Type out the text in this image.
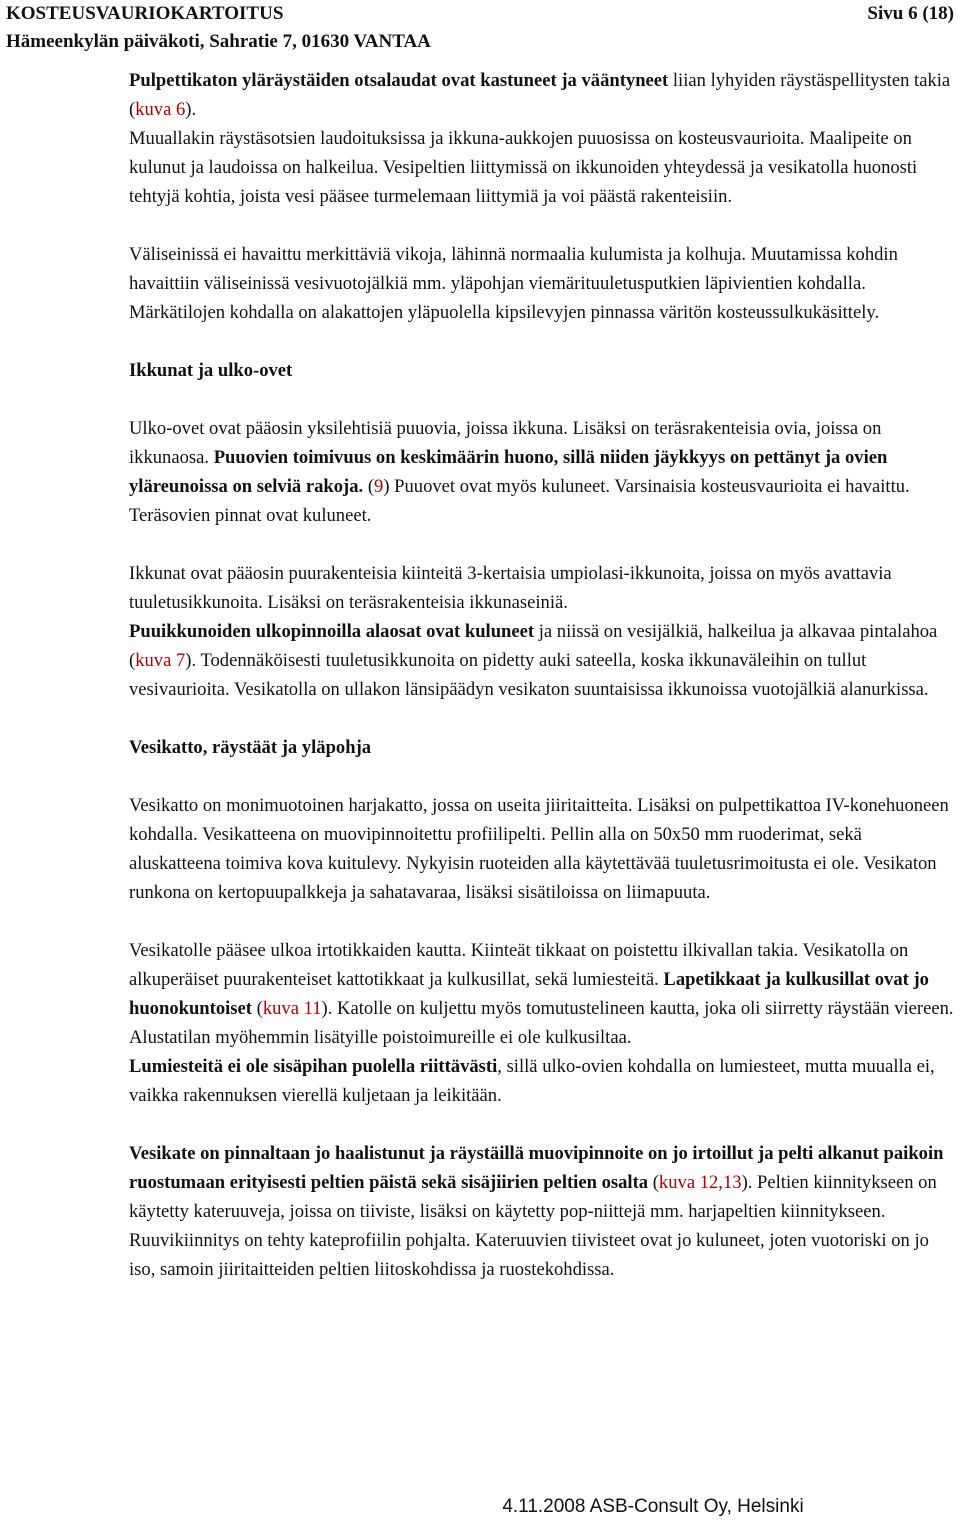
KOSTEUSVAURIOKARTOITUS	Sivu 6 (18)
Hämeenkylän päiväkoti, Sahratie 7, 01630 VANTAA

Pulpettikaton yläräystäiden otsalaudat ovat kastuneet ja vääntyneet liian lyhyiden räystäspellitysten takia (kuva 6).
Muuallakin räystäsotsien laudoituksissa ja ikkuna-aukkojen puuosissa on kosteusvaurioita. Maalipeite on kulunut ja laudoissa on halkeilua. Vesipeltien liittymissä on ikkunoiden yhteydessä ja vesikatolla huonosti tehtyjä kohtia, joista vesi pääsee turmelemaan liittymiä ja voi päästä rakenteisiin.

Väliseinissä ei havaittu merkittäviä vikoja, lähinnä normaalia kulumista ja kolhuja. Muutamissa kohdin havaittiin väliseinissä vesivuotojälkiä mm. yläpohjan viemärituuletusputkien läpivientien kohdalla. Märkätilojen kohdalla on alakattojen yläpuolella kipsilevyjen pinnassa väritön kosteussulkukäsittely.

Ikkunat ja ulko-ovet

Ulko-ovet ovat pääosin yksilehtisiä puuovia, joissa ikkuna. Lisäksi on teräsrakenteisia ovia, joissa on ikkunaosa. Puuovien toimivuus on keskimäärin huono, sillä niiden jäykkyys on pettänyt ja ovien yläreunoissa on selviä rakoja. (9) Puuovet ovat myös kuluneet. Varsinaisia kosteusvaurioita ei havaittu. Teräsovien pinnat ovat kuluneet.

Ikkunat ovat pääosin puurakenteisia kiinteitä 3-kertaisia umpiolasi-ikkunoita, joissa on myös avattavia tuuletusikkunoita. Lisäksi on teräsrakenteisia ikkunaseiniä.
Puuikkunoiden ulkopinnoilla alaosat ovat kuluneet ja niissä on vesijälkiä, halkeilua ja alkavaa pintalahoa (kuva 7). Todennäköisesti tuuletusikkunoita on pidetty auki sateella, koska ikkunaväleihin on tullut vesivaurioita. Vesikatolla on ullakon länsipäädyn vesikaton suuntaisissa ikkunoissa vuotojälkiä alanurkissa.

Vesikatto, räystäät ja yläpohja

Vesikatto on monimuotoinen harjakatto, jossa on useita jiiritaitteita. Lisäksi on pulpettikattoa IV-konehuoneen kohdalla. Vesikatteena on muovipinnoitettu profiilipelti. Pellin alla on 50x50 mm ruoderimat, sekä aluskatteena toimiva kova kuitulevy. Nykyisin ruoteiden alla käytettävää tuuletusrimoitusta ei ole. Vesikaton runkona on kertopuupalkkeja ja sahatavaraa, lisäksi sisätiloissa on liimapuuta.

Vesikatolle pääsee ulkoa irtotikkaiden kautta. Kiinteät tikkaat on poistettu ilkivallan takia. Vesikatolla on alkuperäiset puurakenteiset kattotikkaat ja kulkusillat, sekä lumiesteitä. Lapetikkaat ja kulkusillat ovat jo huonokuntoiset (kuva 11). Katolle on kuljettu myös tomutustelineen kautta, joka oli siirretty räystään viereen. Alustatilan myöhemmin lisätyille poistoimureille ei ole kulkusiltaa.
Lumiesteitä ei ole sisäpihan puolella riittävästi, sillä ulko-ovien kohdalla on lumiesteet, mutta muualla ei, vaikka rakennuksen vierellä kuljetaan ja leikitään.

Vesikate on pinnaltaan jo haalistunut ja räystäillä muovipinnoite on jo irtoillut ja pelti alkanut paikoin ruostumaan erityisesti peltien päistä sekä sisäjiirien peltien osalta (kuva 12,13). Peltien kiinnitykseen on käytetty kateruuveja, joissa on tiiviste, lisäksi on käytetty pop-niittejä mm. harjapeltien kiinnitykseen.
Ruuvikiinnitys on tehty kateprofiilin pohjalta. Kateruuvien tiivisteet ovat jo kuluneet, joten vuotoriski on jo iso, samoin jiiritaitteiden peltien liitoskohdissa ja ruostekohdissa.

4.11.2008 ASB-Consult Oy, Helsinki
